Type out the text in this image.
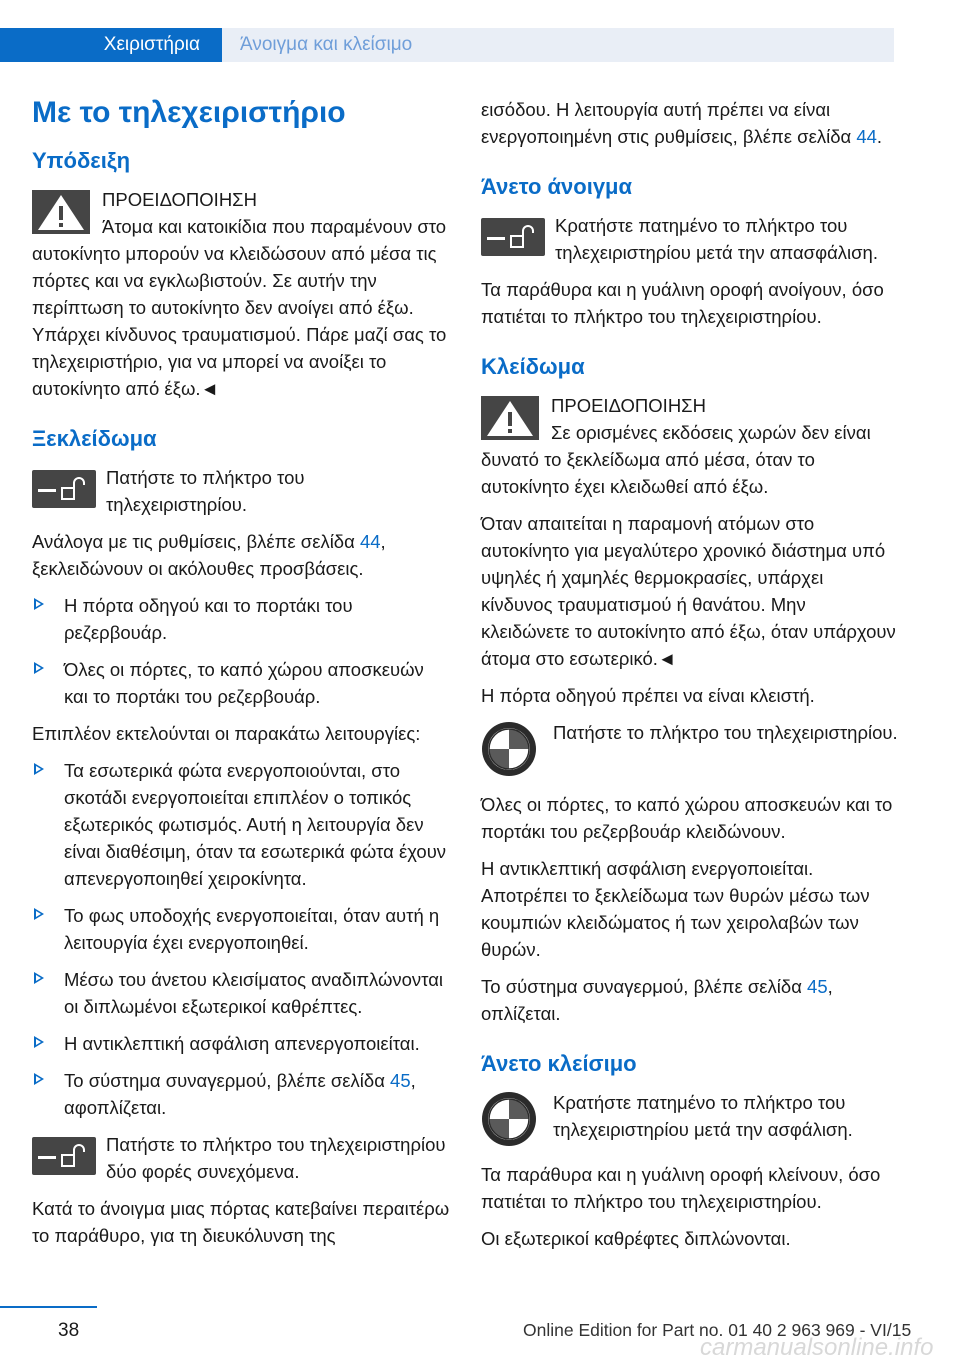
Χειριστήρια	Άνοιγμα και κλείσιμο
Με το τηλεχειριστήριο
Υπόδειξη

ΠΡΟΕΙΔΟΠΟΙΗΣΗ

Άτομα και κατοικίδια που παραμένουν στο αυτοκίνητο μπορούν να κλειδώσουν από μέσα τις πόρτες και να εγκλωβιστούν. Σε αυτήν την περίπτωση το αυτοκίνητο δεν ανοίγει από έξω. Υπάρχει κίνδυνος τραυματισμού. Πάρε μαζί σας το τηλεχειριστήριο, για να μπορεί να ανοίξει το αυτοκίνητο από έξω.◄

Ξεκλείδωμα

Πατήστε το πλήκτρο του τηλεχειριστηρίου.

Ανάλογα με τις ρυθμίσεις, βλέπε σελίδα 44, ξεκλειδώνουν οι ακόλουθες προσβάσεις.

Η πόρτα οδηγού και το πορτάκι του ρεζερβουάρ.
Όλες οι πόρτες, το καπό χώρου αποσκευών και το πορτάκι του ρεζερβουάρ.

Επιπλέον εκτελούνται οι παρακάτω λειτουργίες:

Τα εσωτερικά φώτα ενεργοποιούνται, στο σκοτάδι ενεργοποιείται επιπλέον ο τοπικός εξωτερικός φωτισμός. Αυτή η λειτουργία δεν είναι διαθέσιμη, όταν τα εσωτερικά φώτα έχουν απενεργοποιηθεί χειροκίνητα.
Το φως υποδοχής ενεργοποιείται, όταν αυτή η λειτουργία έχει ενεργοποιηθεί.
Μέσω του άνετου κλεισίματος αναδιπλώνονται οι διπλωμένοι εξωτερικοί καθρέπτες.
Η αντικλεπτική ασφάλιση απενεργοποιείται.
Το σύστημα συναγερμού, βλέπε σελίδα 45, αφοπλίζεται.

Πατήστε το πλήκτρο του τηλεχειριστηρίου δύο φορές συνεχόμενα.

Κατά το άνοιγμα μιας πόρτας κατεβαίνει περαιτέρω το παράθυρο, για τη διευκόλυνση της

εισόδου. Η λειτουργία αυτή πρέπει να είναι ενεργοποιημένη στις ρυθμίσεις, βλέπε σελίδα 44.

Άνετο άνοιγμα

Κρατήστε πατημένο το πλήκτρο του τηλεχειριστηρίου μετά την απασφάλιση.

Τα παράθυρα και η γυάλινη οροφή ανοίγουν, όσο πατιέται το πλήκτρο του τηλεχειριστηρίου.

Κλείδωμα

ΠΡΟΕΙΔΟΠΟΙΗΣΗ

Σε ορισμένες εκδόσεις χωρών δεν είναι δυνατό το ξεκλείδωμα από μέσα, όταν το αυτοκίνητο έχει κλειδωθεί από έξω.

Όταν απαιτείται η παραμονή ατόμων στο αυτοκίνητο για μεγαλύτερο χρονικό διάστημα υπό υψηλές ή χαμηλές θερμοκρασίες, υπάρχει κίνδυνος τραυματισμού ή θανάτου. Μην κλειδώνετε το αυτοκίνητο από έξω, όταν υπάρχουν άτομα στο εσωτερικό.◄

Η πόρτα οδηγού πρέπει να είναι κλειστή.

Πατήστε το πλήκτρο του τηλεχειριστηρίου.

Όλες οι πόρτες, το καπό χώρου αποσκευών και το πορτάκι του ρεζερβουάρ κλειδώνουν.

Η αντικλεπτική ασφάλιση ενεργοποιείται. Αποτρέπει το ξεκλείδωμα των θυρών μέσω των κουμπιών κλειδώματος ή των χειρολαβών των θυρών.

Το σύστημα συναγερμού, βλέπε σελίδα 45, οπλίζεται.

Άνετο κλείσιμο

Κρατήστε πατημένο το πλήκτρο του τηλεχειριστηρίου μετά την ασφάλιση.

Τα παράθυρα και η γυάλινη οροφή κλείνουν, όσο πατιέται το πλήκτρο του τηλεχειριστηρίου.

Οι εξωτερικοί καθρέφτες διπλώνονται.

38	Online Edition for Part no. 01 40 2 963 969 - VI/15
carmanualsonline.info
